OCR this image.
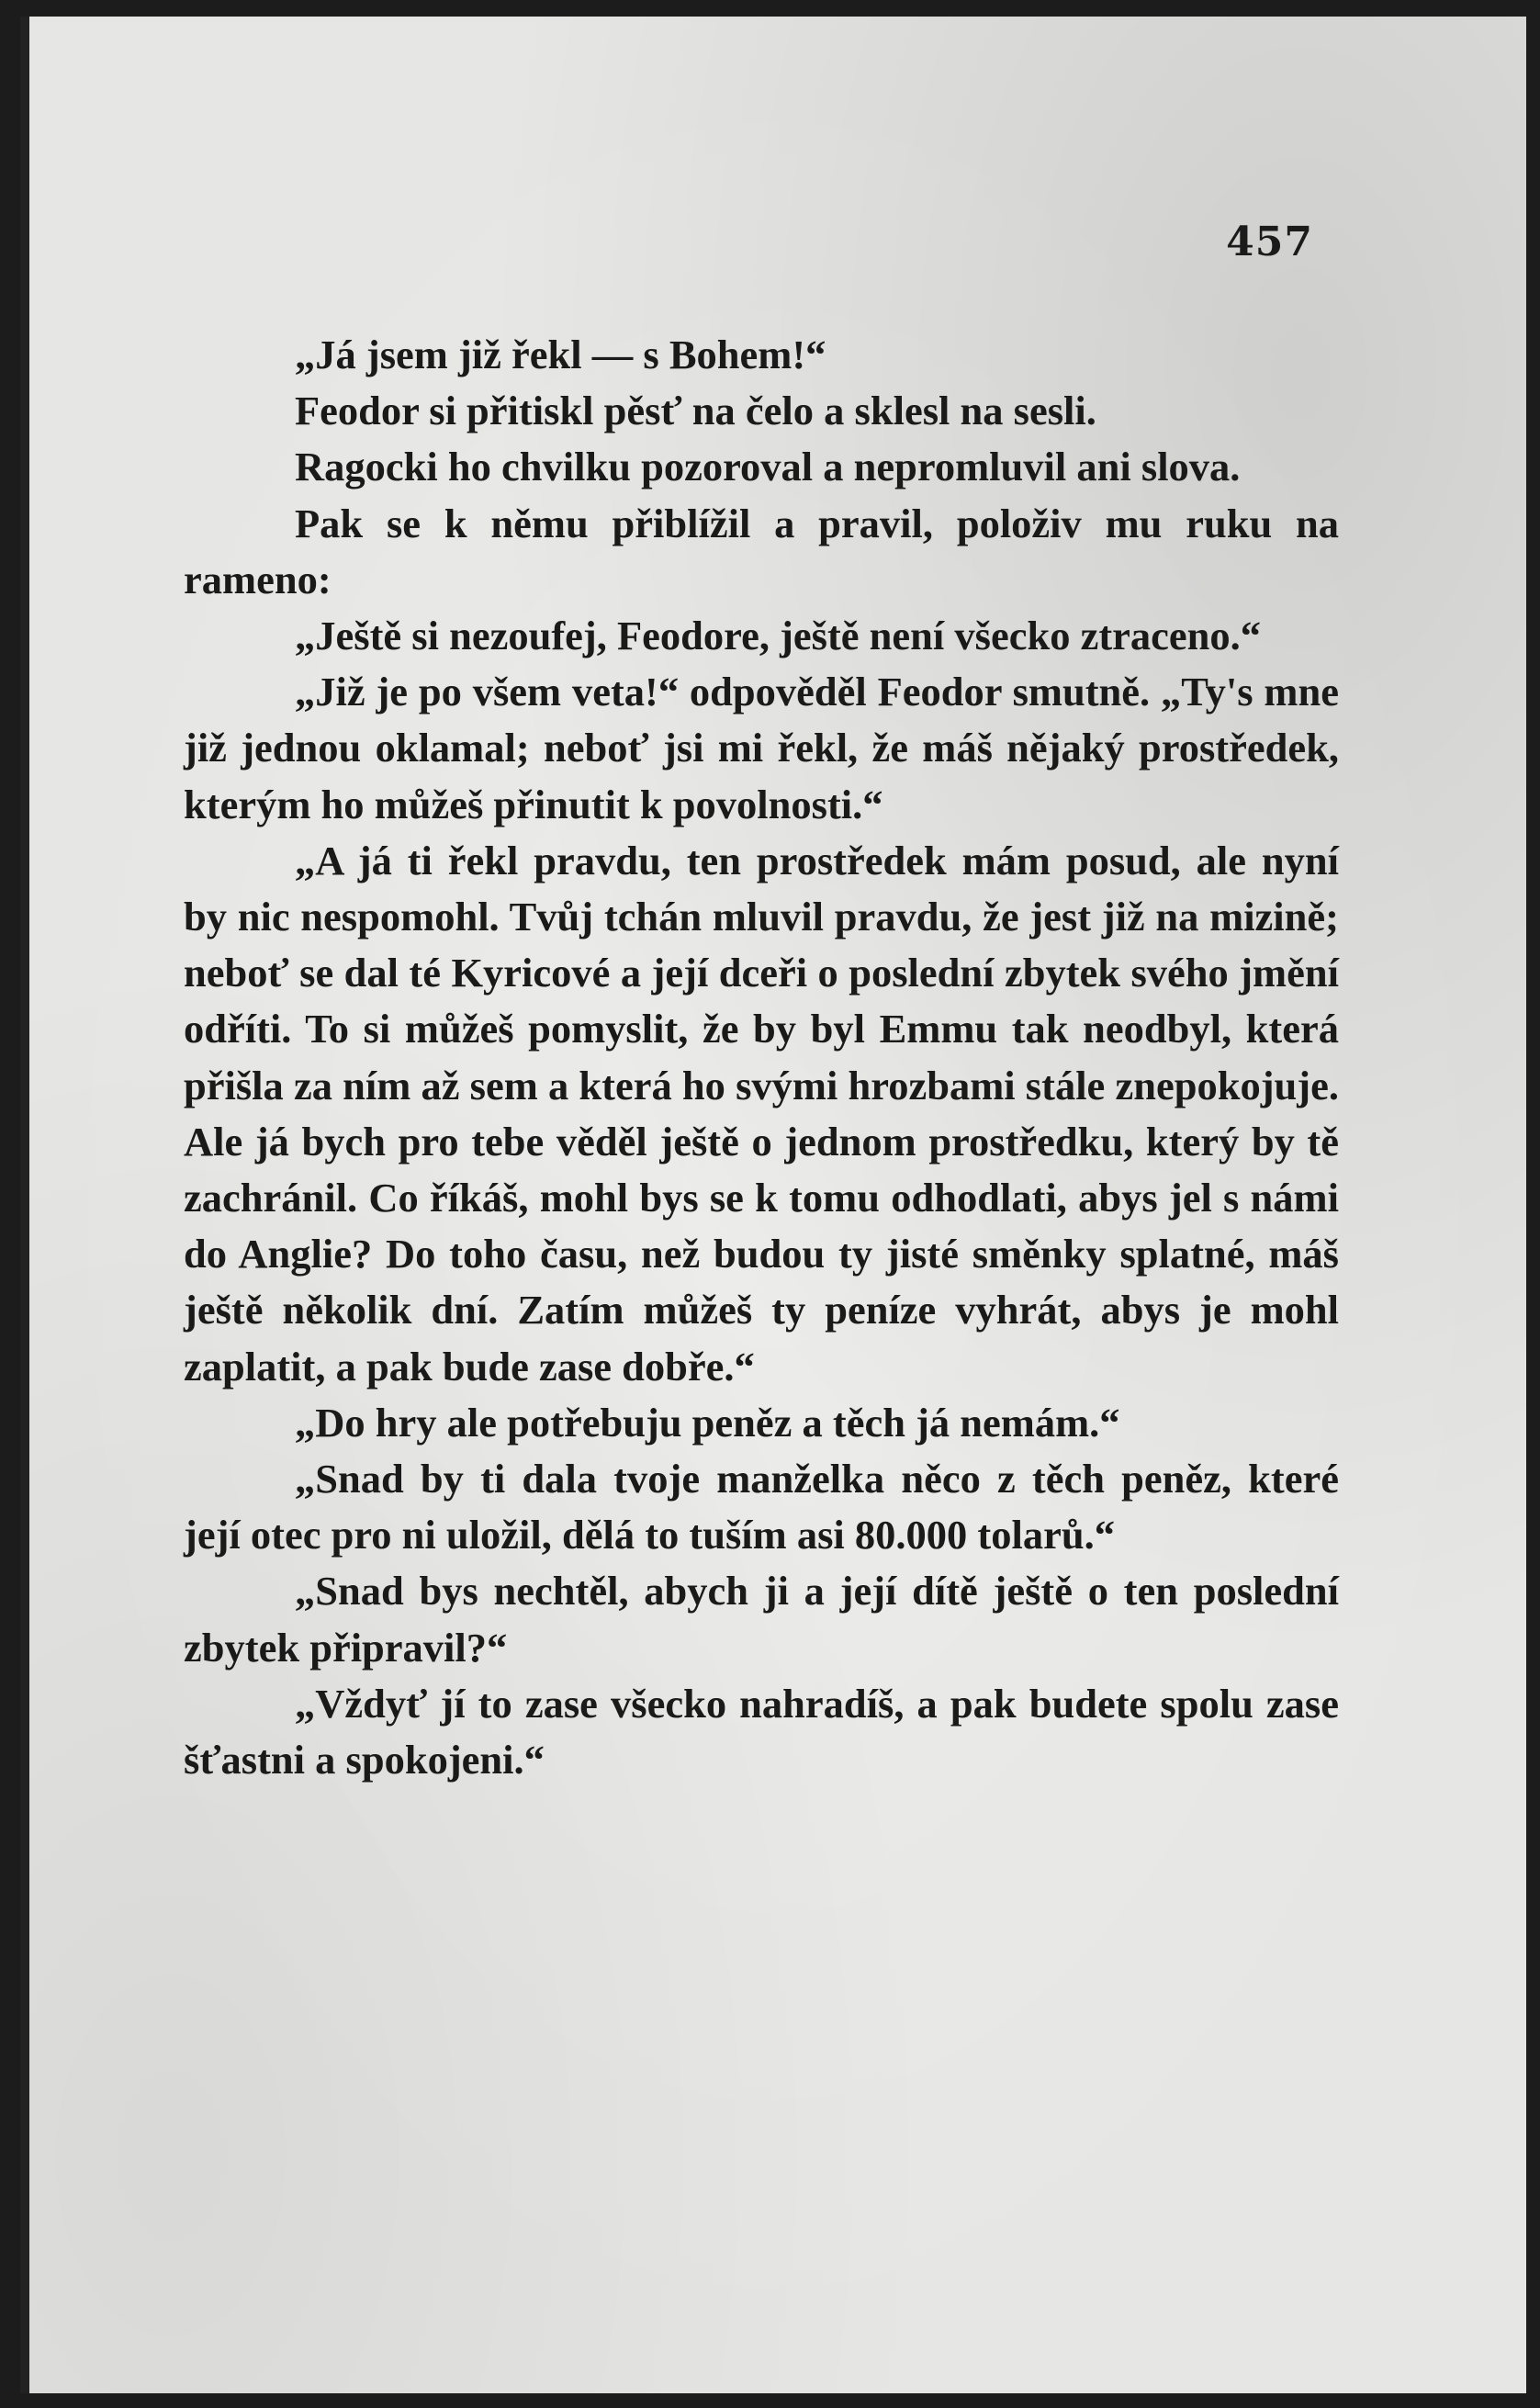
457

„Já jsem již řekl — s Bohem!“

Feodor si přitiskl pěsť na čelo a sklesl na sesli.

Ragocki ho chvilku pozoroval a nepromluvil ani slova.

Pak se k němu přiblížil a pravil, položiv mu ruku na rameno:

„Ještě si nezoufej, Feodore, ještě není všecko ztraceno.“

„Již je po všem veta!“ odpověděl Feodor smutně. „Ty's mne již jednou oklamal; neboť jsi mi řekl, že máš nějaký prostředek, kterým ho můžeš přinutit k povolnosti.“

„A já ti řekl pravdu, ten prostředek mám posud, ale nyní by nic nespomohl. Tvůj tchán mluvil pravdu, že jest již na mizině; neboť se dal té Kyricové a její dceři o poslední zbytek svého jmění odříti. To si můžeš pomyslit, že by byl Emmu tak neodbyl, která přišla za ním až sem a která ho svými hrozbami stále znepokojuje. Ale já bych pro tebe věděl ještě o jednom prostředku, který by tě zachránil. Co říkáš, mohl bys se k tomu odhodlati, abys jel s námi do Anglie? Do toho času, než budou ty jisté směnky splatné, máš ještě několik dní. Zatím můžeš ty peníze vyhrát, abys je mohl zaplatit, a pak bude zase dobře.“

„Do hry ale potřebuju peněz a těch já nemám.“

„Snad by ti dala tvoje manželka něco z těch peněz, které její otec pro ni uložil, dělá to tuším asi 80.000 tolarů.“

„Snad bys nechtěl, abych ji a její dítě ještě o ten poslední zbytek připravil?“

„Vždyť jí to zase všecko nahradíš, a pak budete spolu zase šťastni a spokojeni.“
